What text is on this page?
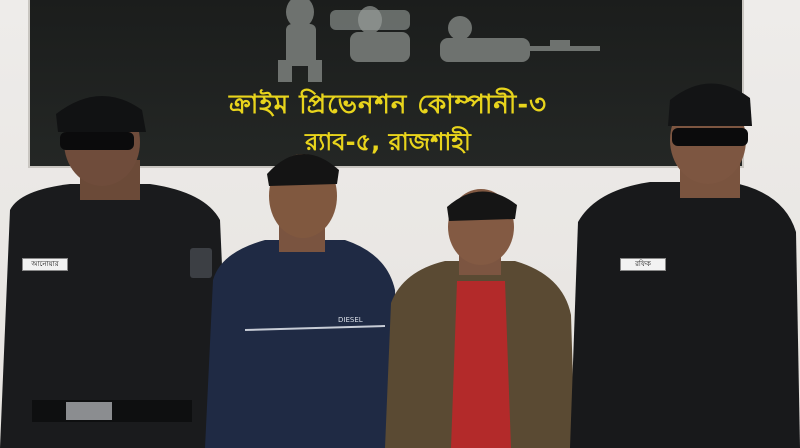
ক্রাইম প্রিভেনশন কোম্পানী-৩
র‍্যাব-৫, রাজশাহী
আনোয়ার
DIESEL
রফিক
